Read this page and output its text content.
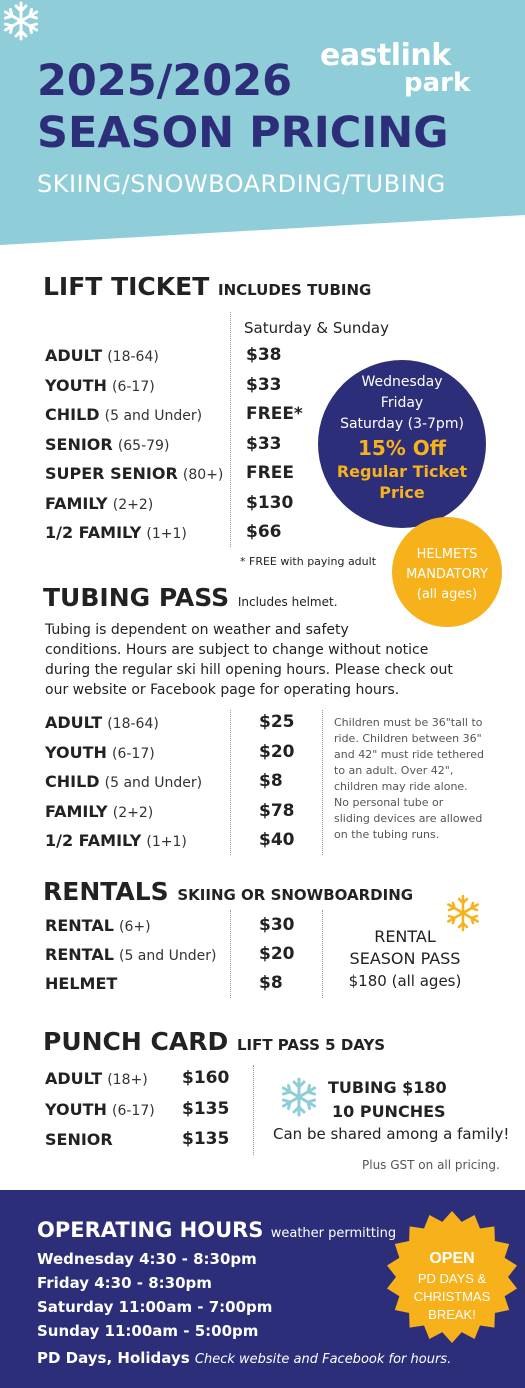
2025/2026
SEASON PRICING
SKIING/SNOWBOARDING/TUBING
eastlink
park
LIFT TICKET INCLUDES TUBING
Saturday & Sunday
ADULT (18-64)	$38
YOUTH (6-17)	$33
CHILD (5 and Under)	FREE*
SENIOR (65-79)	$33
SUPER SENIOR (80+) FREE
FAMILY (2+2)	$130
1/2 FAMILY (1+1)	$66
* FREE with paying adult
Wednesday
Friday
Saturday (3-7pm)
15% Off
Regular Ticket
Price
HELMETS
MANDATORY
(all ages)
TUBING PASS Includes helmet.
Tubing is dependent on weather and safety
conditions. Hours are subject to change without notice
during the regular ski hill opening hours. Please check out
our website or Facebook page for operating hours.
ADULT (18-64)	$25
YOUTH (6-17)	$20
CHILD (5 and Under)	$8
FAMILY (2+2)	$78
1/2 FAMILY (1+1)	$40
Children must be 36"tall to
ride. Children between 36"
and 42" must ride tethered
to an adult. Over 42",
children may ride alone.
No personal tube or
sliding devices are allowed
on the tubing runs.
RENTALS SKIING OR SNOWBOARDING
RENTAL (6+)	$30
RENTAL (5 and Under)	$20
HELMET	$8
RENTAL
SEASON PASS
$180 (all ages)
PUNCH CARD LIFT PASS 5 DAYS
ADULT (18+) $160
YOUTH (6-17) $135
SENIOR	$135
TUBING $180
10 PUNCHES
Can be shared among a family!
Plus GST on all pricing.
OPERATING HOURS weather permitting
Wednesday 4:30 - 8:30pm
Friday 4:30 - 8:30pm
Saturday 11:00am - 7:00pm
Sunday 11:00am - 5:00pm
PD Days, Holidays Check website and Facebook for hours.
OPEN
PD DAYS &
CHRISTMAS
BREAK!
